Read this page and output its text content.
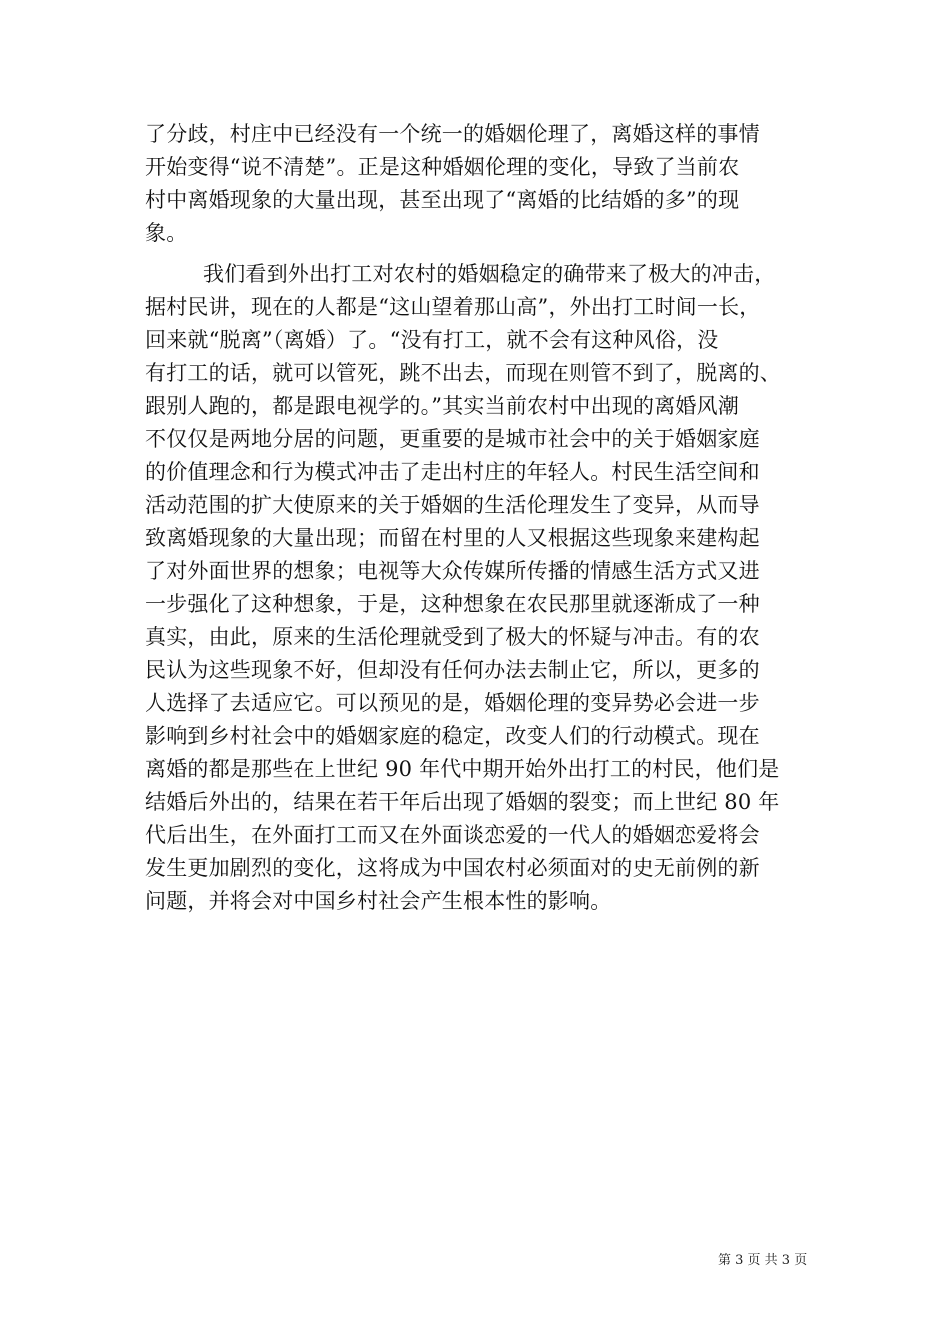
了分歧，村庄中已经没有一个统一的婚姻伦理了，离婚这样的事情
开始变得“说不清楚”。正是这种婚姻伦理的变化，导致了当前农
村中离婚现象的大量出现，甚至出现了“离婚的比结婚的多”的现
象。
我们看到外出打工对农村的婚姻稳定的确带来了极大的冲击，
据村民讲，现在的人都是“这山望着那山高”，外出打工时间一长，
回来就“脱离”（离婚）了。“没有打工，就不会有这种风俗，没
有打工的话，就可以管死，跳不出去，而现在则管不到了，脱离的、
跟别人跑的，都是跟电视学的。”其实当前农村中出现的离婚风潮
不仅仅是两地分居的问题，更重要的是城市社会中的关于婚姻家庭
的价值理念和行为模式冲击了走出村庄的年轻人。村民生活空间和
活动范围的扩大使原来的关于婚姻的生活伦理发生了变异，从而导
致离婚现象的大量出现；而留在村里的人又根据这些现象来建构起
了对外面世界的想象；电视等大众传媒所传播的情感生活方式又进
一步强化了这种想象，于是，这种想象在农民那里就逐渐成了一种
真实，由此，原来的生活伦理就受到了极大的怀疑与冲击。有的农
民认为这些现象不好，但却没有任何办法去制止它，所以，更多的
人选择了去适应它。可以预见的是，婚姻伦理的变异势必会进一步
影响到乡村社会中的婚姻家庭的稳定，改变人们的行动模式。现在
离婚的都是那些在上世纪 90 年代中期开始外出打工的村民，他们是
结婚后外出的，结果在若干年后出现了婚姻的裂变；而上世纪 80 年
代后出生，在外面打工而又在外面谈恋爱的一代人的婚姻恋爱将会
发生更加剧烈的变化，这将成为中国农村必须面对的史无前例的新
问题，并将会对中国乡村社会产生根本性的影响。
第 3 页 共 3 页
